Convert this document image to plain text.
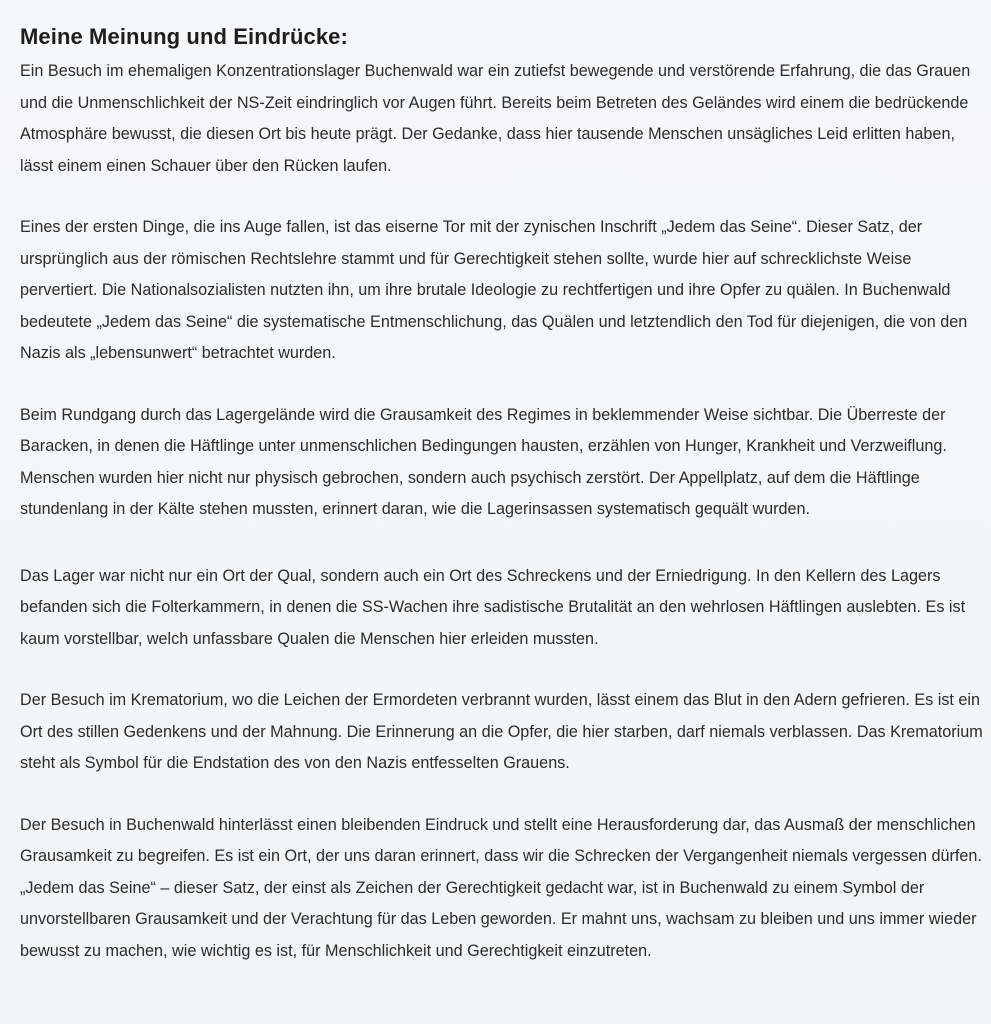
Meine Meinung und Eindrücke:

Ein Besuch im ehemaligen Konzentrationslager Buchenwald war ein zutiefst bewegende und verstörende Erfahrung, die das Grauen und die Unmenschlichkeit der NS-Zeit eindringlich vor Augen führt. Bereits beim Betreten des Geländes wird einem die bedrückende Atmosphäre bewusst, die diesen Ort bis heute prägt. Der Gedanke, dass hier tausende Menschen unsägliches Leid erlitten haben, lässt einem einen Schauer über den Rücken laufen.

Eines der ersten Dinge, die ins Auge fallen, ist das eiserne Tor mit der zynischen Inschrift „Jedem das Seine“. Dieser Satz, der ursprünglich aus der römischen Rechtslehre stammt und für Gerechtigkeit stehen sollte, wurde hier auf schrecklichste Weise pervertiert. Die Nationalsozialisten nutzten ihn, um ihre brutale Ideologie zu rechtfertigen und ihre Opfer zu quälen. In Buchenwald bedeutete „Jedem das Seine“ die systematische Entmenschlichung, das Quälen und letztendlich den Tod für diejenigen, die von den Nazis als „lebensunwert“ betrachtet wurden.

Beim Rundgang durch das Lagergelände wird die Grausamkeit des Regimes in beklemmender Weise sichtbar. Die Überreste der Baracken, in denen die Häftlinge unter unmenschlichen Bedingungen hausten, erzählen von Hunger, Krankheit und Verzweiflung. Menschen wurden hier nicht nur physisch gebrochen, sondern auch psychisch zerstört. Der Appellplatz, auf dem die Häftlinge stundenlang in der Kälte stehen mussten, erinnert daran, wie die Lagerinsassen systematisch gequält wurden.

Das Lager war nicht nur ein Ort der Qual, sondern auch ein Ort des Schreckens und der Erniedrigung. In den Kellern des Lagers befanden sich die Folterkammern, in denen die SS-Wachen ihre sadistische Brutalität an den wehrlosen Häftlingen auslebten. Es ist kaum vorstellbar, welch unfassbare Qualen die Menschen hier erleiden mussten.

Der Besuch im Krematorium, wo die Leichen der Ermordeten verbrannt wurden, lässt einem das Blut in den Adern gefrieren. Es ist ein Ort des stillen Gedenkens und der Mahnung. Die Erinnerung an die Opfer, die hier starben, darf niemals verblassen. Das Krematorium steht als Symbol für die Endstation des von den Nazis entfesselten Grauens.

Der Besuch in Buchenwald hinterlässt einen bleibenden Eindruck und stellt eine Herausforderung dar, das Ausmaß der menschlichen Grausamkeit zu begreifen. Es ist ein Ort, der uns daran erinnert, dass wir die Schrecken der Vergangenheit niemals vergessen dürfen. „Jedem das Seine“ – dieser Satz, der einst als Zeichen der Gerechtigkeit gedacht war, ist in Buchenwald zu einem Symbol der unvorstellbaren Grausamkeit und der Verachtung für das Leben geworden. Er mahnt uns, wachsam zu bleiben und uns immer wieder bewusst zu machen, wie wichtig es ist, für Menschlichkeit und Gerechtigkeit einzutreten.
